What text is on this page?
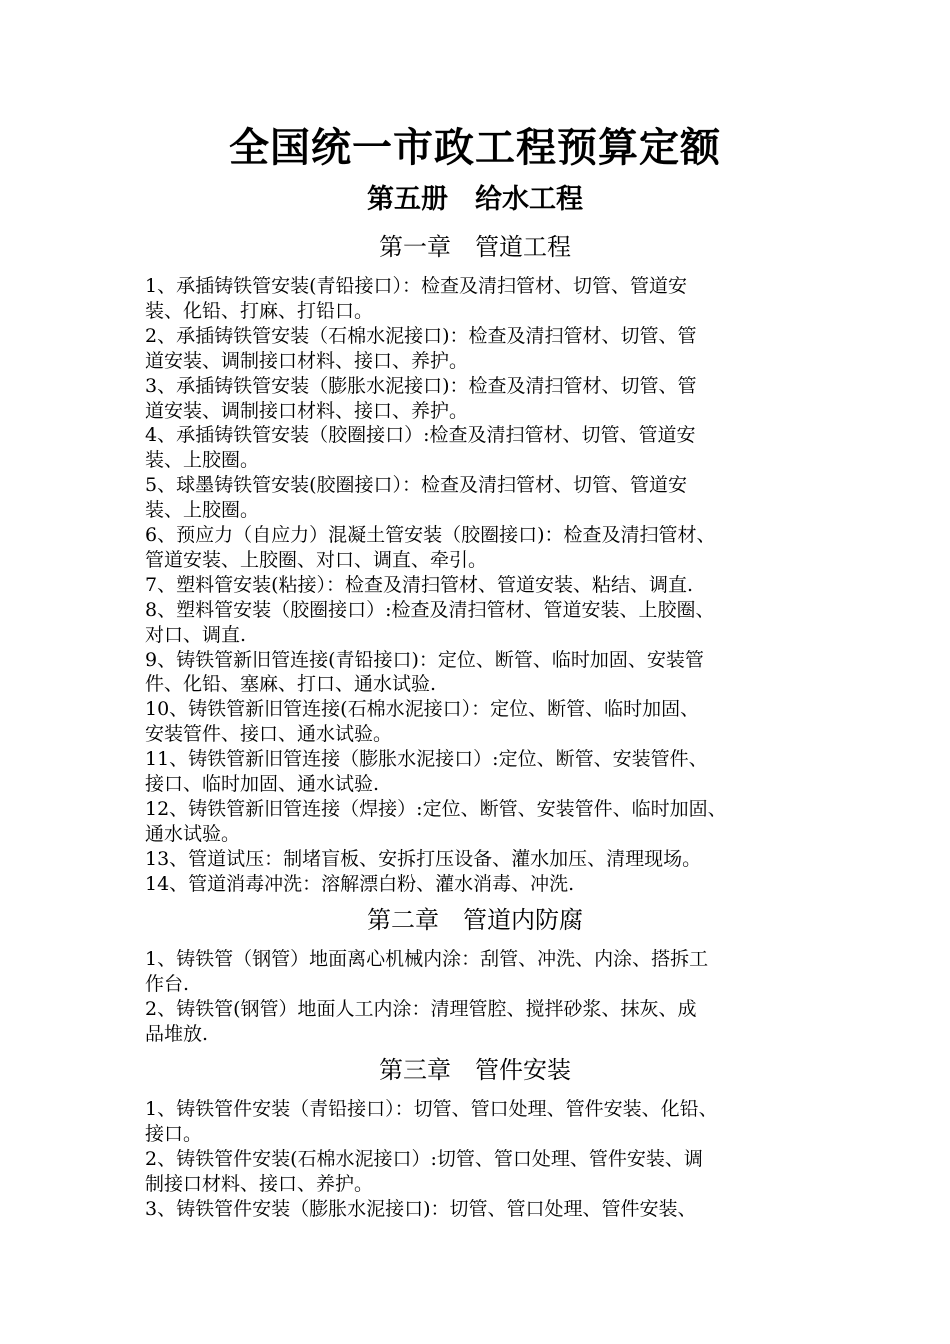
全国统一市政工程预算定额
第五册　给水工程
第一章　管道工程
1、承插铸铁管安装(青铅接口）：检查及清扫管材、切管、管道安
装、化铅、打麻、打铅口。
2、承插铸铁管安装（石棉水泥接口)：检查及清扫管材、切管、管
道安装、调制接口材料、接口、养护。
3、承插铸铁管安装（膨胀水泥接口)：检查及清扫管材、切管、管
道安装、调制接口材料、接口、养护。
4、承插铸铁管安装（胶圈接口）:检查及清扫管材、切管、管道安
装、上胶圈。
5、球墨铸铁管安装(胶圈接口）：检查及清扫管材、切管、管道安
装、上胶圈。
6、预应力（自应力）混凝土管安装（胶圈接口)：检查及清扫管材、
管道安装、上胶圈、对口、调直、牵引。
7、塑料管安装(粘接）：检查及清扫管材、管道安装、粘结、调直.
8、塑料管安装（胶圈接口）:检查及清扫管材、管道安装、上胶圈、
对口、调直.
9、铸铁管新旧管连接(青铅接口)：定位、断管、临时加固、安装管
件、化铅、塞麻、打口、通水试验.
10、铸铁管新旧管连接(石棉水泥接口）：定位、断管、临时加固、
安装管件、接口、通水试验。
11、铸铁管新旧管连接（膨胀水泥接口）:定位、断管、安装管件、
接口、临时加固、通水试验.
12、铸铁管新旧管连接（焊接）:定位、断管、安装管件、临时加固、
通水试验。
13、管道试压：制堵盲板、安拆打压设备、灌水加压、清理现场。
14、管道消毒冲洗：溶解漂白粉、灌水消毒、冲洗.
第二章　管道内防腐
1、铸铁管（钢管）地面离心机械内涂：刮管、冲洗、内涂、搭拆工
作台.
2、铸铁管(钢管）地面人工内涂：清理管腔、搅拌砂浆、抹灰、成
品堆放.
第三章　管件安装
1、铸铁管件安装（青铅接口）：切管、管口处理、管件安装、化铅、
接口。
2、铸铁管件安装(石棉水泥接口）:切管、管口处理、管件安装、调
制接口材料、接口、养护。
3、铸铁管件安装（膨胀水泥接口)：切管、管口处理、管件安装、
